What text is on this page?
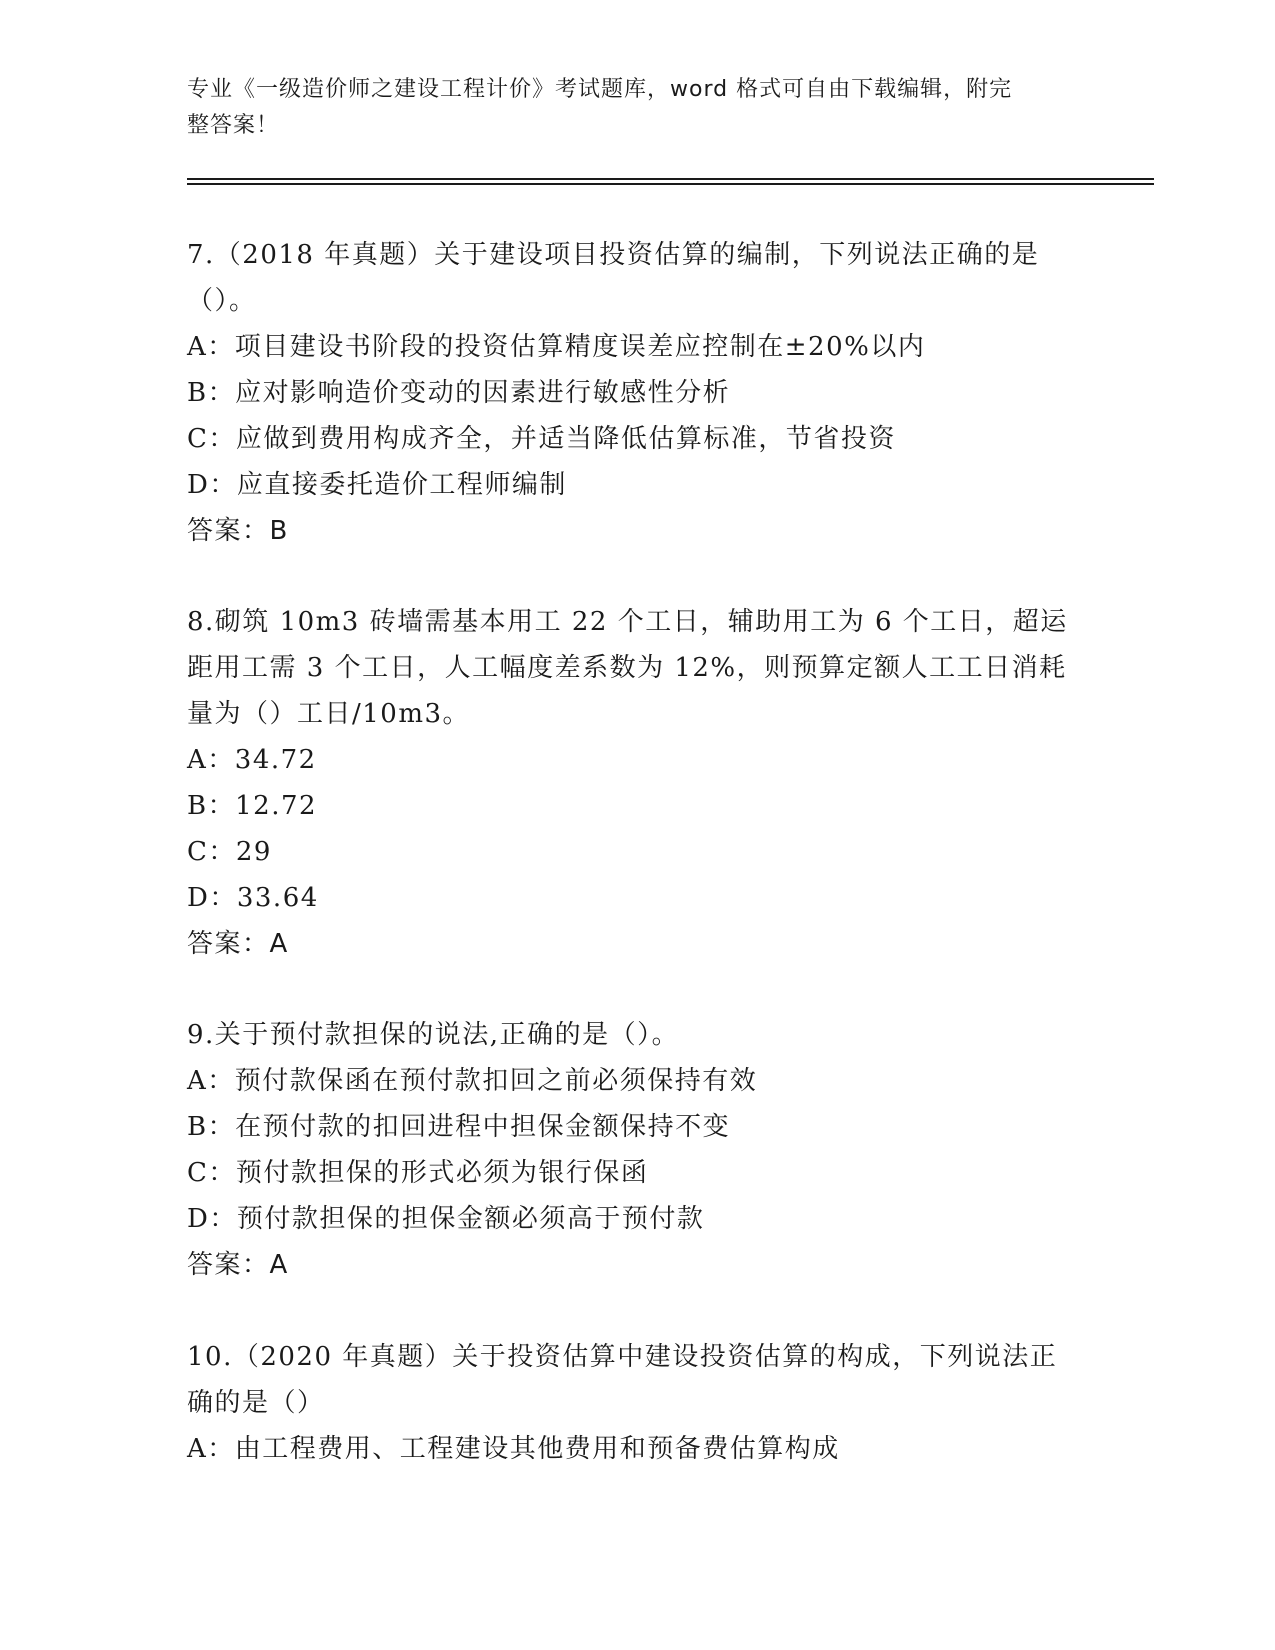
专业《一级造价师之建设工程计价》考试题库，word 格式可自由下载编辑，附完
整答案！
7.（2018 年真题）关于建设项目投资估算的编制，下列说法正确的是
（）。
A：项目建设书阶段的投资估算精度误差应控制在±20%以内
B：应对影响造价变动的因素进行敏感性分析
C：应做到费用构成齐全，并适当降低估算标准，节省投资
D：应直接委托造价工程师编制
答案：B
8.砌筑 10m3 砖墙需基本用工 22 个工日，辅助用工为 6 个工日，超运
距用工需 3 个工日，人工幅度差系数为 12%，则预算定额人工工日消耗
量为（）工日/10m3。
A：34.72
B：12.72
C：29
D：33.64
答案：A
9.关于预付款担保的说法,正确的是（）。
A：预付款保函在预付款扣回之前必须保持有效
B：在预付款的扣回进程中担保金额保持不变
C：预付款担保的形式必须为银行保函
D：预付款担保的担保金额必须高于预付款
答案：A
10.（2020 年真题）关于投资估算中建设投资估算的构成，下列说法正
确的是（）
A：由工程费用、工程建设其他费用和预备费估算构成
